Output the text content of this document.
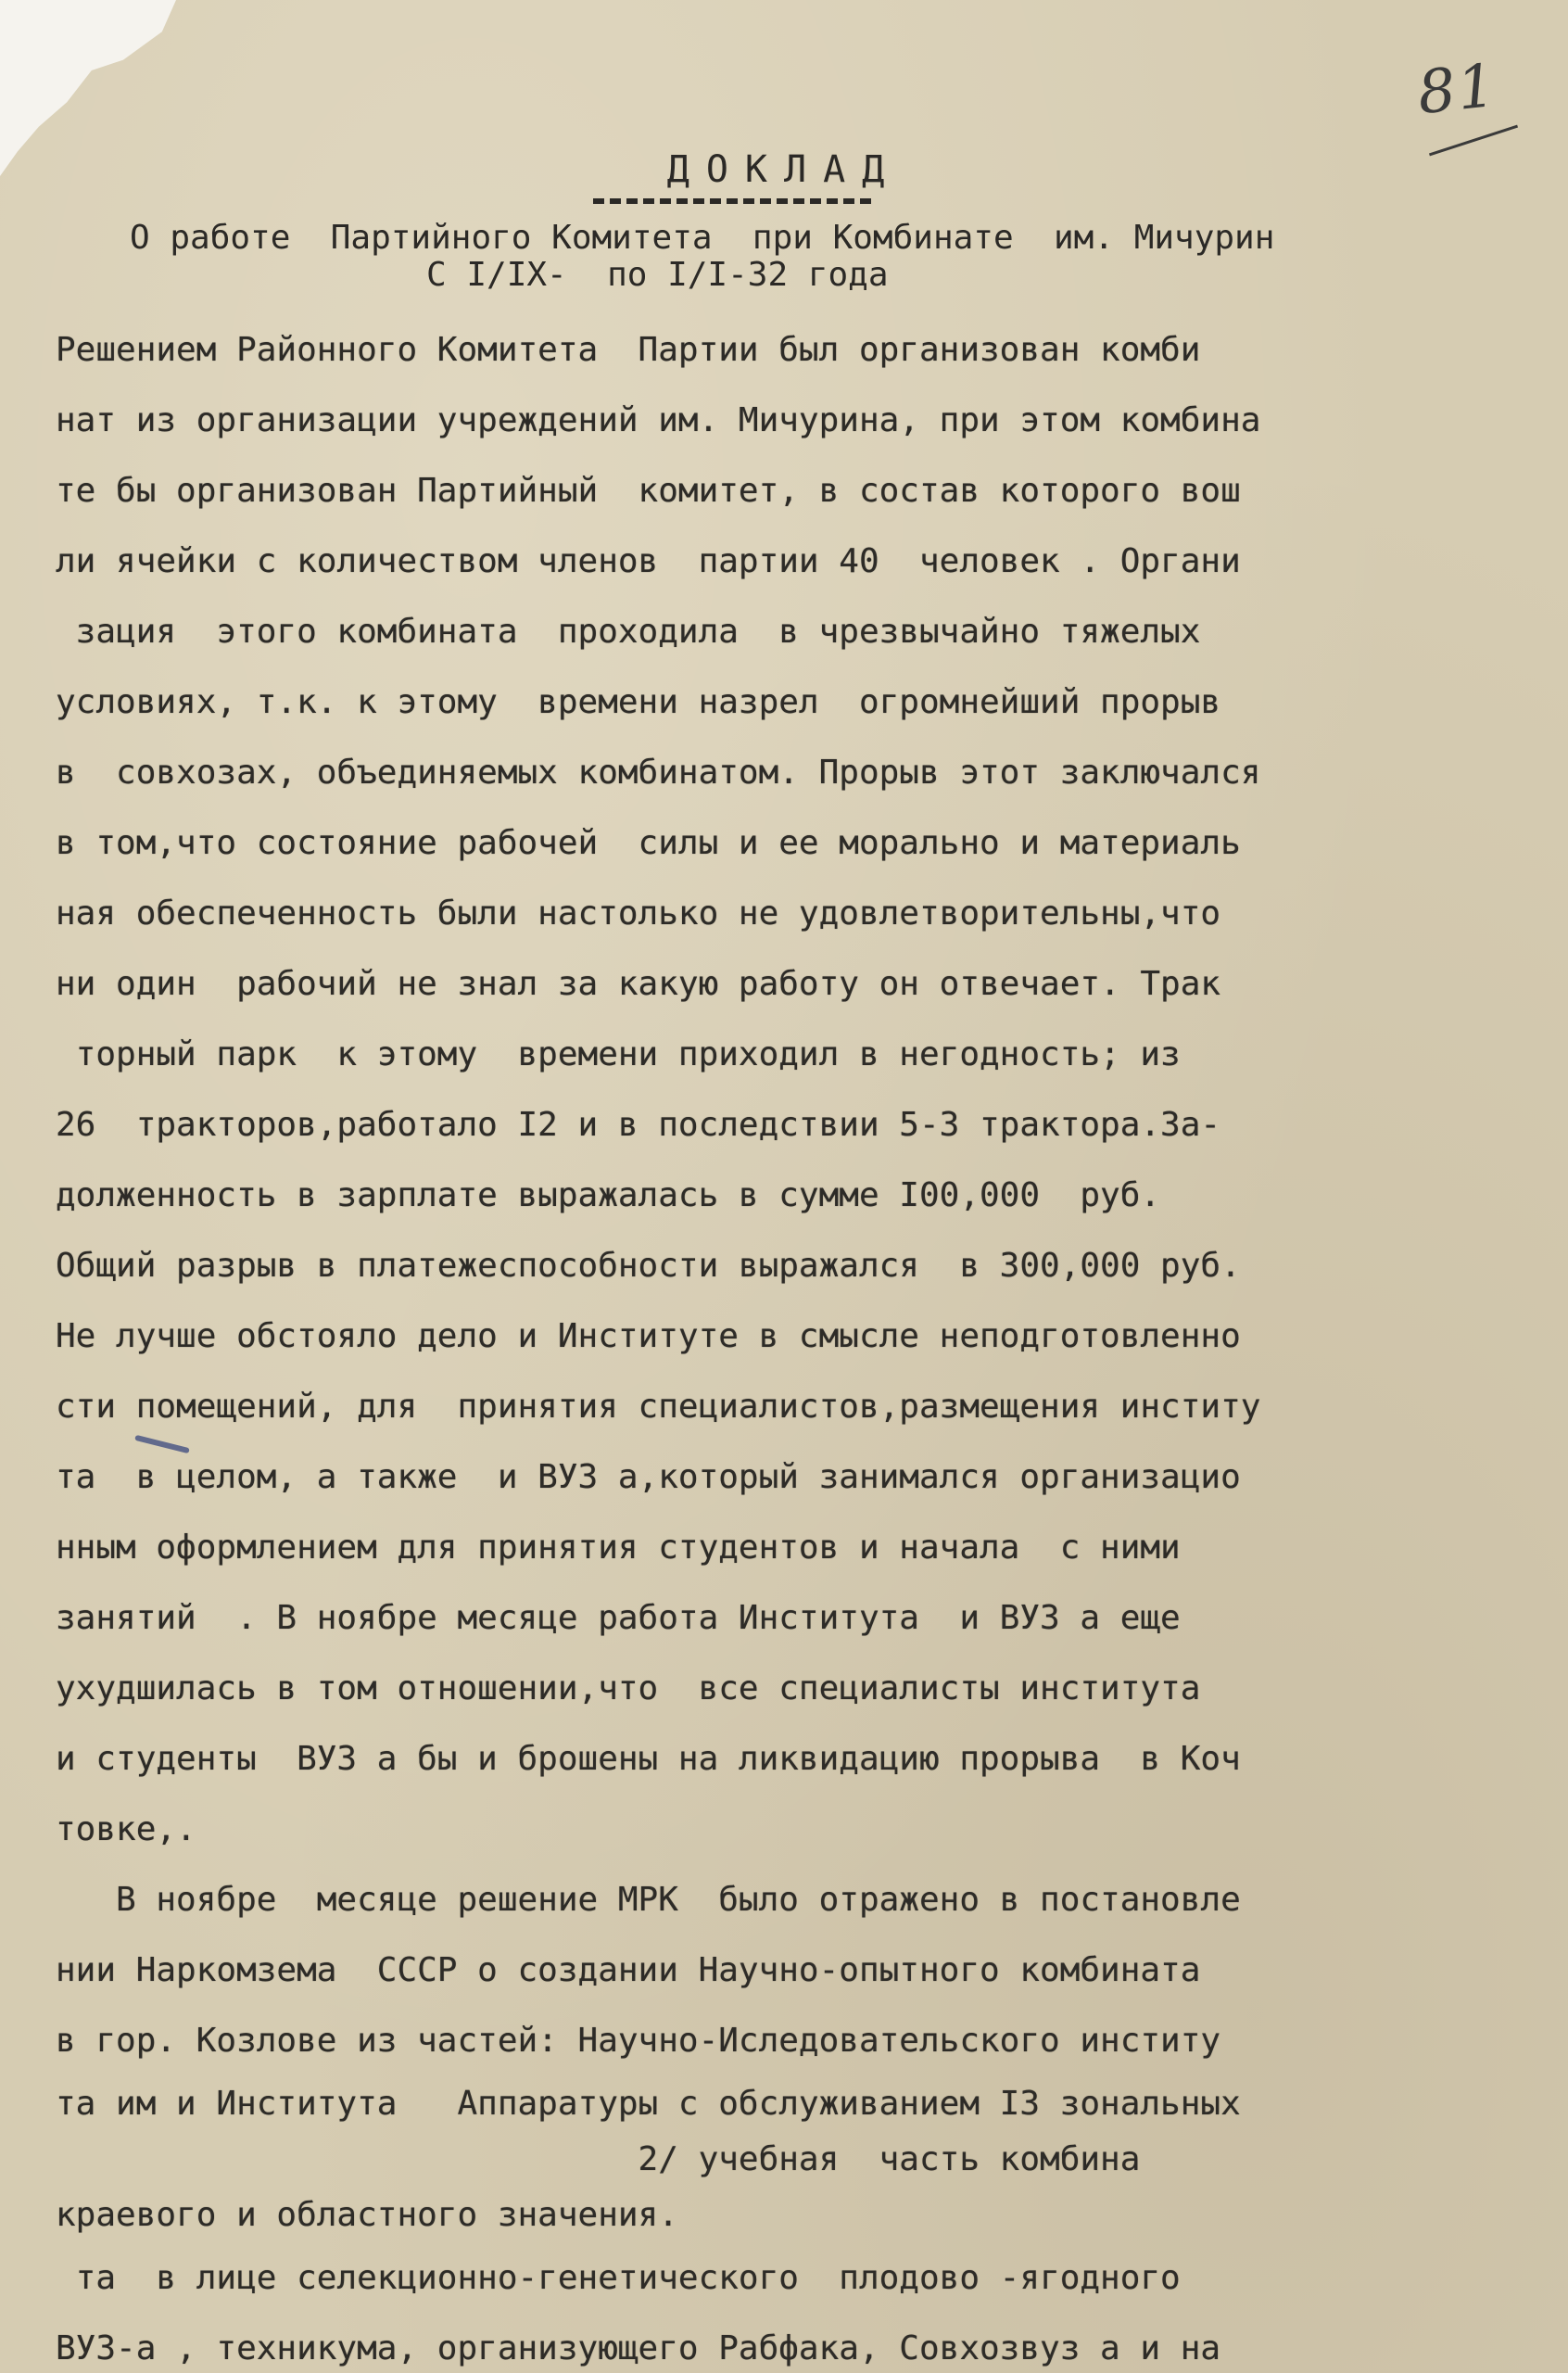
81
ДОКЛАД
О работе  Партийного Комитета  при Комбинате  им. Мичурин
С I/IX-  по I/I-32 года
Решением Районного Комитета  Партии был организован комби
нат из организации учреждений им. Мичурина, при этом комбина
те бы организован Партийный  комитет, в состав которого вош
ли ячейки с количеством членов  партии 40  человек . Органи
зация  этого комбината  проходила  в чрезвычайно тяжелых
условиях, т.к. к этому  времени назрел  огромнейший прорыв
в  совхозах, объединяемых комбинатом. Прорыв этот заключался
в том,что состояние рабочей  силы и ее морально и материаль
ная обеспеченность были настолько не удовлетворительны,что
ни один  рабочий не знал за какую работу он отвечает. Трак
торный парк  к этому  времени приходил в негодность; из
26  тракторов,работало I2 и в последствии 5-3 трактора.За-
долженность в зарплате выражалась в сумме I00,000  руб.
Общий разрыв в платежеспособности выражался  в 300,000 руб.
Не лучше обстояло дело и Институте в смысле неподготовленно
сти помещений, для  принятия специалистов,размещения институ
та  в целом, а также  и ВУЗ а,который занимался организацио
нным оформлением для принятия студентов и начала  с ними
занятий  . В ноябре месяце работа Института  и ВУЗ а еще
ухудшилась в том отношении,что  все специалисты института
и студенты  ВУЗ а бы и брошены на ликвидацию прорыва  в Коч
товке,.
В ноябре  месяце решение МРК  было отражено в постановле
нии Наркомзема  СССР о создании Научно-опытного комбината
в гор. Козлове из частей: Научно-Иследовательского институ
та им и Института   Аппаратуры с обслуживанием I3 зональных
2/ учебная  часть комбина
краевого и областного значения.
та  в лице селекционно-генетического  плодово -ягодного
ВУЗ-а , техникума, организующего Рабфака, Совхозвуз а и на
